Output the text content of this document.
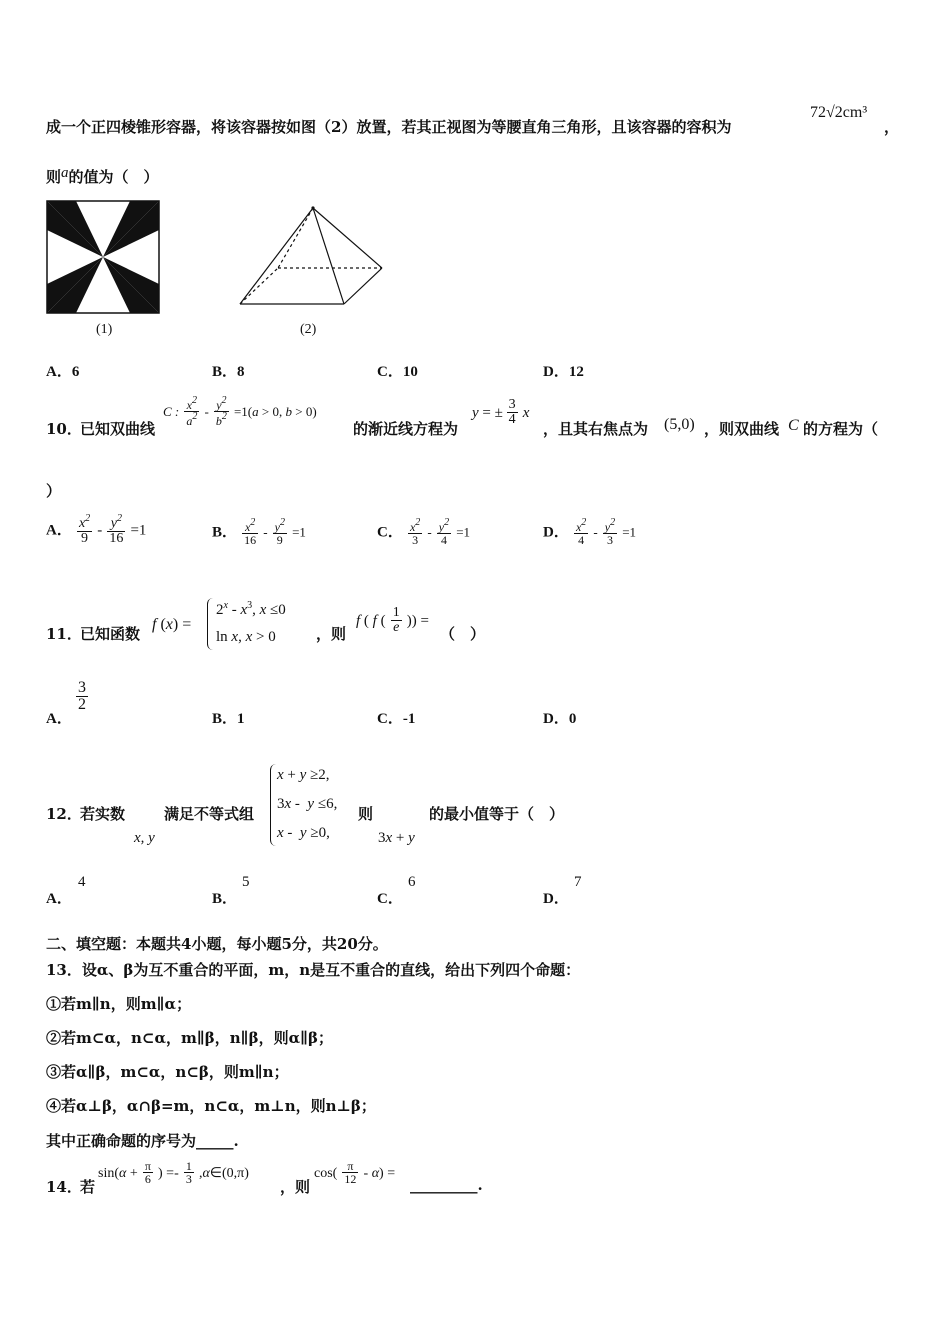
成一个正四棱锥形容器，将该容器按如图（2）放置，若其正视图为等腰直角三角形，且该容器的容积为
72√2cm³
，
则a的值为（　）
(1)	(2)
A．6	B．8	C．10	D．12
10．
已知双曲线
C : $\frac{x^2}{a^2} - \frac{y^2}{b^2} =1(a > 0$, b > 0)
的渐近线方程为
y = ± $\frac{3}{4}$ x
，且其右焦点为 (5,0) ，则双曲线 C 的方程为（
）
A． $\frac{x^2}{9} - \frac{y^2}{16} =1$	B． $\frac{x^2}{16} - \frac{y^2}{9} =1$	C． $\frac{x^2}{3} - \frac{y^2}{4} =1$	D． $\frac{x^2}{4} - \frac{y^2}{3} =1$
11．
已知函数
f (x) =
$2^x - x^3$, x ≤0
ln x, x > 0	，则
f ( f ( $\frac{1}{e}$ )) =
（　）
A．
$\frac{3}{2}$
B．1	C．-1	D．0
12．
若实数
x, y
满足不等式组
x + y ≥2,
3x -  y ≤6,
x -  y ≥0,
则
3x + y
的最小值等于（　）
A．
4
B．
5
C．
6
D．
7
二、填空题：本题共4小题，每小题5分，共20分。
13．设α、β为互不重合的平面，m，n是互不重合的直线，给出下列四个命题：
①若m∥n，则m∥α；
②若m⊂α，n⊂α，m∥β，n∥β，则α∥β；
③若α∥β，m⊂α，n⊂β，则m∥n；
④若α⊥β，α∩β=m，n⊂α，m⊥n，则n⊥β；
其中正确命题的序号为_____.
14．
若
$\sin(\alpha + \frac{\pi}{6}$ ) =- $\frac{1}{3}$ ,α∈(0,π)
，则
$\cos( \frac{\pi}{12} - \alpha)$ =
_________.
